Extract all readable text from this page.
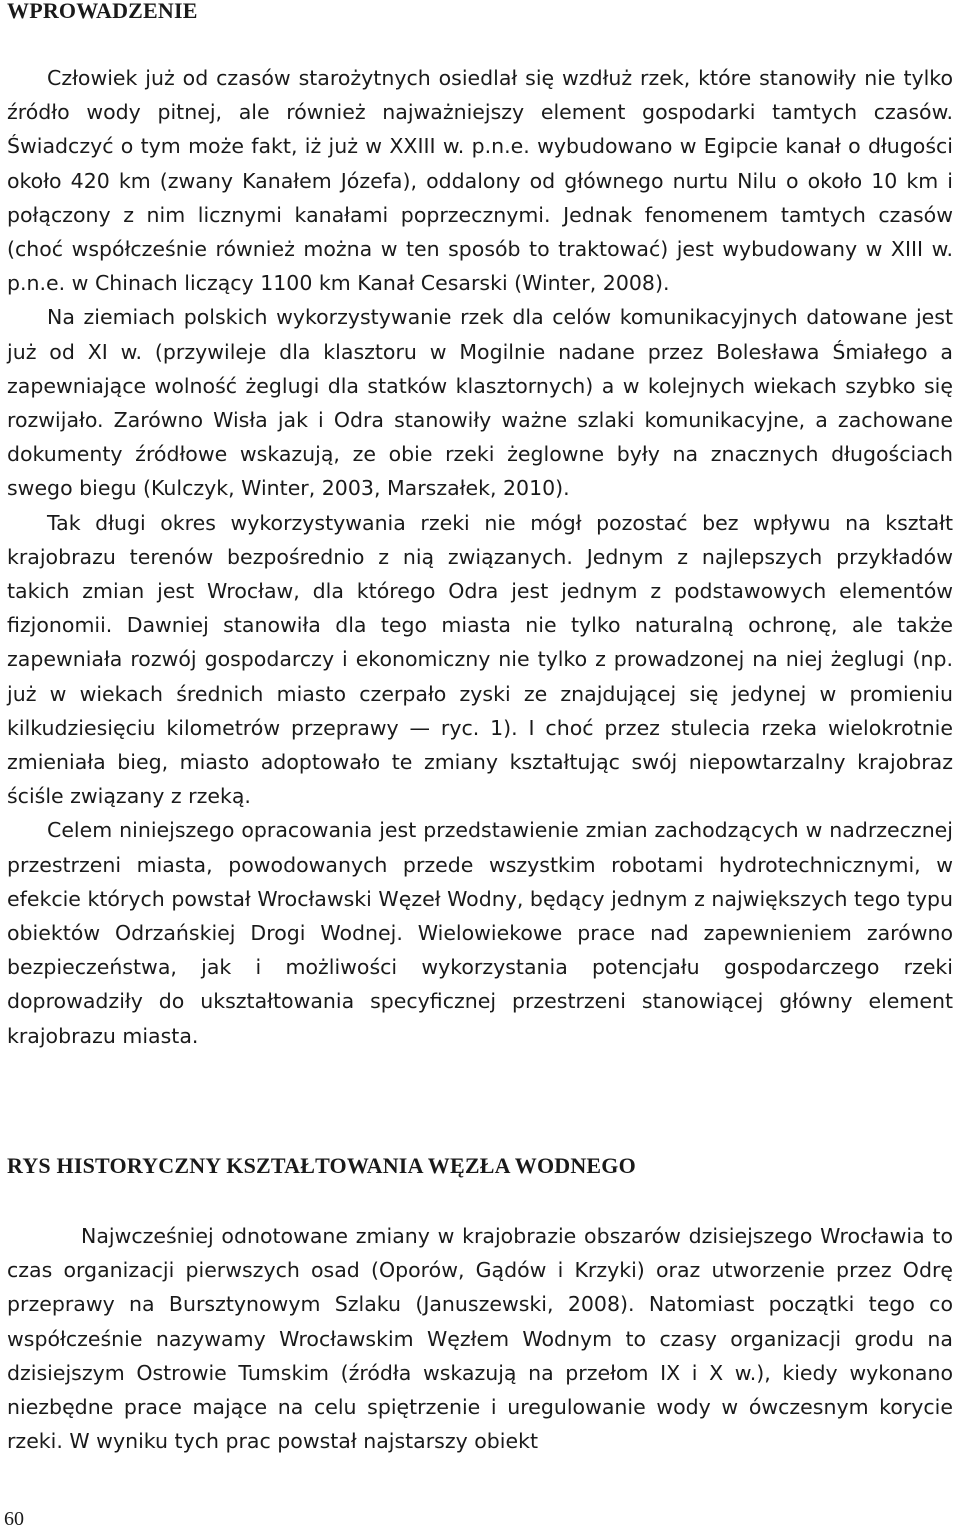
WPROWADZENIE

Człowiek już od czasów starożytnych osiedlał się wzdłuż rzek, które stanowiły nie tylko źródło wody pitnej, ale również najważniejszy element gospodarki tamtych czasów. Świadczyć o tym może fakt, iż już w XXIII w. p.n.e. wybudowano w Egipcie kanał o długości około 420 km (zwany Kanałem Józefa), oddalony od głównego nurtu Nilu o około 10 km i połączony z nim licznymi kanałami poprzecznymi. Jednak fenomenem tamtych czasów (choć współcześnie również można w ten sposób to traktować) jest wybudowany w XIII w. p.n.e. w Chinach liczący 1100 km Kanał Cesarski (Winter, 2008).

Na ziemiach polskich wykorzystywanie rzek dla celów komunikacyjnych datowane jest już od XI w. (przywileje dla klasztoru w Mogilnie nadane przez Bolesława Śmiałego a zapewniające wolność żeglugi dla statków klasztornych) a w kolejnych wiekach szybko się rozwijało. Zarówno Wisła jak i Odra stanowiły ważne szlaki komunikacyjne, a zachowane dokumenty źródłowe wskazują, ze obie rzeki żeglowne były na znacznych długościach swego biegu (Kulczyk, Winter, 2003, Marszałek, 2010).

Tak długi okres wykorzystywania rzeki nie mógł pozostać bez wpływu na kształt krajobrazu terenów bezpośrednio z nią związanych. Jednym z najlepszych przykładów takich zmian jest Wrocław, dla którego Odra jest jednym z podstawowych elementów fizjonomii. Dawniej stanowiła dla tego miasta nie tylko naturalną ochronę, ale także zapewniała rozwój gospodarczy i ekonomiczny nie tylko z prowadzonej na niej żeglugi (np. już w wiekach średnich miasto czerpało zyski ze znajdującej się jedynej w promieniu kilkudziesięciu kilometrów przeprawy — ryc. 1). I choć przez stulecia rzeka wielokrotnie zmieniała bieg, miasto adoptowało te zmiany kształtując swój niepowtarzalny krajobraz ściśle związany z rzeką.

Celem niniejszego opracowania jest przedstawienie zmian zachodzących w nadrzecznej przestrzeni miasta, powodowanych przede wszystkim robotami hydrotechnicznymi, w efekcie których powstał Wrocławski Węzeł Wodny, będący jednym z największych tego typu obiektów Odrzańskiej Drogi Wodnej. Wielowiekowe prace nad zapewnieniem zarówno bezpieczeństwa, jak i możliwości wykorzystania potencjału gospodarczego rzeki doprowadziły do ukształtowania specyficznej przestrzeni stanowiącej główny element krajobrazu miasta.

RYS HISTORYCZNY KSZTAŁTOWANIA WĘZŁA WODNEGO

Najwcześniej odnotowane zmiany w krajobrazie obszarów dzisiejszego Wrocławia to czas organizacji pierwszych osad (Oporów, Gądów i Krzyki) oraz utworzenie przez Odrę przeprawy na Bursztynowym Szlaku (Januszewski, 2008). Natomiast początki tego co współcześnie nazywamy Wrocławskim Węzłem Wodnym to czasy organizacji grodu na dzisiejszym Ostrowie Tumskim (źródła wskazują na przełom IX i X w.), kiedy wykonano niezbędne prace mające na celu spiętrzenie i uregulowanie wody w ówczesnym korycie rzeki. W wyniku tych prac powstał najstarszy obiekt

60
